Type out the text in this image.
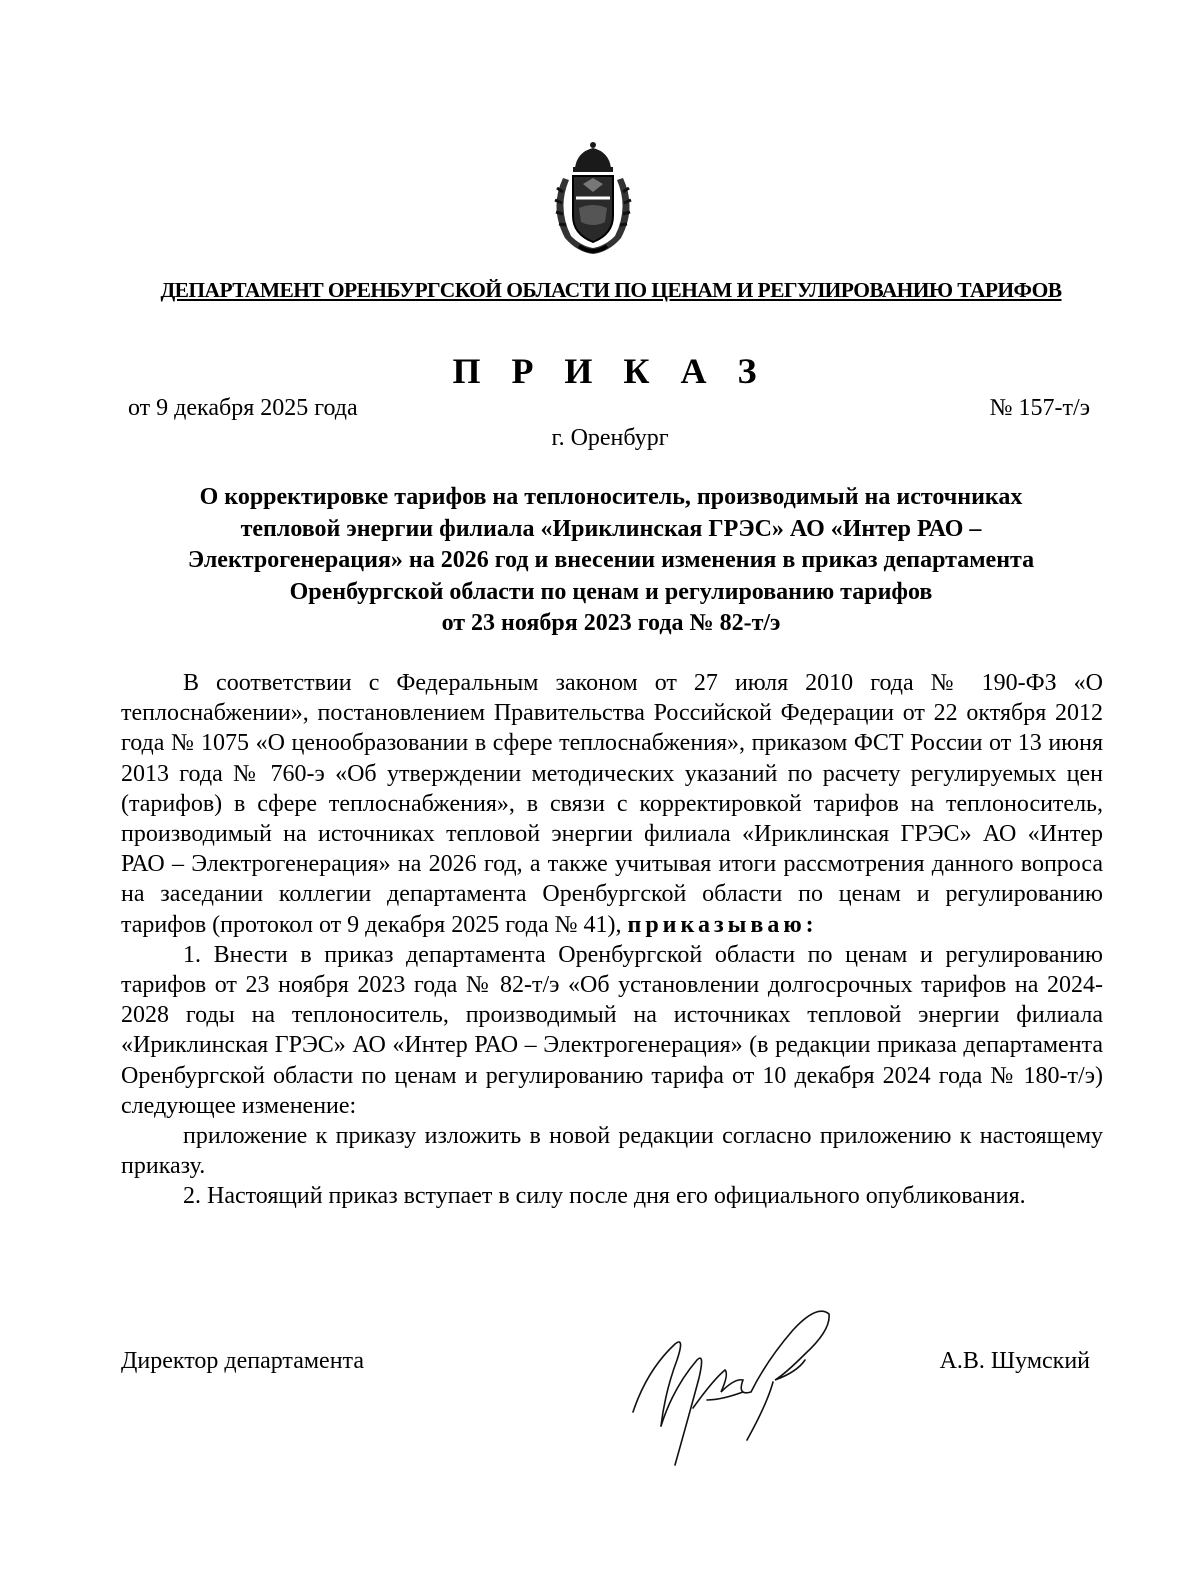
ДЕПАРТАМЕНТ ОРЕНБУРГСКОЙ ОБЛАСТИ ПО ЦЕНАМ И РЕГУЛИРОВАНИЮ ТАРИФОВ
П Р И К А З
от 9 декабря 2025 года	№ 157-т/э
г. Оренбург
О корректировке тарифов на теплоноситель, производимый на источниках
тепловой энергии филиала «Ириклинская ГРЭС» АО «Интер РАО –
Электрогенерация» на 2026 год и внесении изменения в приказ департамента
Оренбургской области по ценам и регулированию тарифов
от 23 ноября 2023 года № 82-т/э

В соответствии с Федеральным законом от 27 июля 2010 года № 190-ФЗ «О теплоснабжении», постановлением Правительства Российской Федерации от 22 октября 2012 года № 1075 «О ценообразовании в сфере теплоснабжения», приказом ФСТ России от 13 июня 2013 года № 760-э «Об утверждении методических указаний по расчету регулируемых цен (тарифов) в сфере теплоснабжения», в связи с корректировкой тарифов на теплоноситель, производимый на источниках тепловой энергии филиала «Ириклинская ГРЭС» АО «Интер РАО – Электрогенерация» на 2026 год, а также учитывая итоги рассмотрения данного вопроса на заседании коллегии департамента Оренбургской области по ценам и регулированию тарифов (протокол от 9 декабря 2025 года № 41), приказываю:

1. Внести в приказ департамента Оренбургской области по ценам и регулированию тарифов от 23 ноября 2023 года № 82-т/э «Об установлении долгосрочных тарифов на 2024-2028 годы на теплоноситель, производимый на источниках тепловой энергии филиала «Ириклинская ГРЭС» АО «Интер РАО – Электрогенерация» (в редакции приказа департамента Оренбургской области по ценам и регулированию тарифа от 10 декабря 2024 года № 180-т/э) следующее изменение:

приложение к приказу изложить в новой редакции согласно приложению к настоящему приказу.

2. Настоящий приказ вступает в силу после дня его официального опубликования.

Директор департамента	А.В. Шумский
